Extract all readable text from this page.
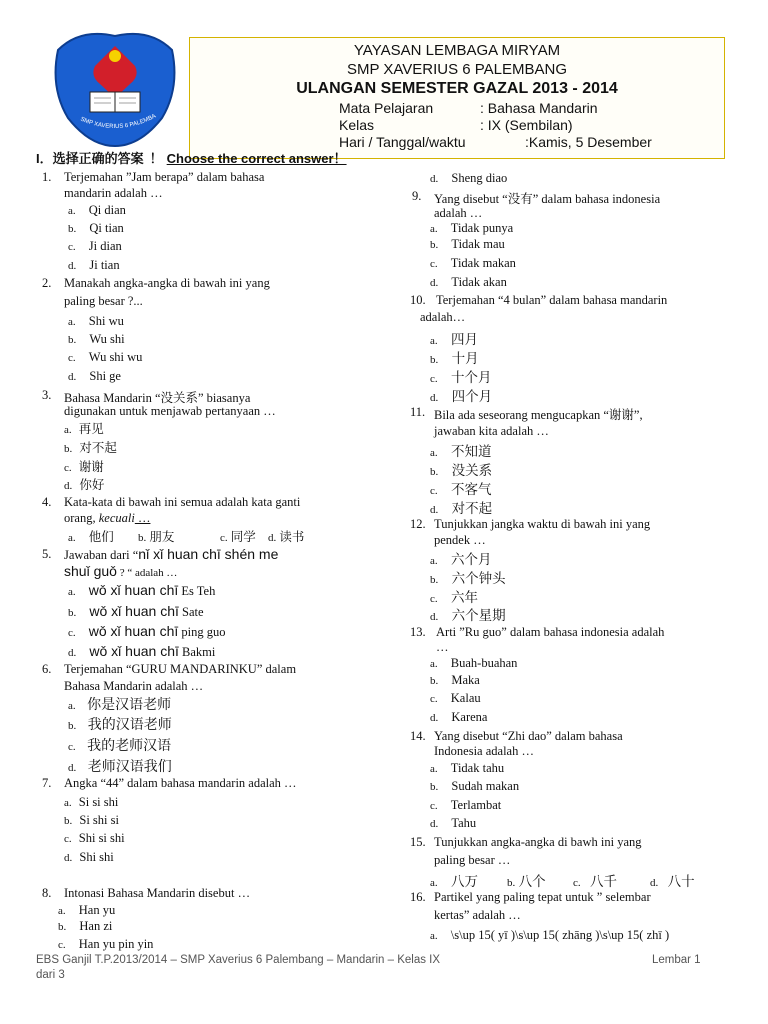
SMP XAVERIUS 6 PALEMBA
YAYASAN LEMBAGA MIRYAM
SMP XAVERIUS 6 PALEMBANG
ULANGAN SEMESTER GAZAL 2013 - 2014
Mata Pelajaran	: Bahasa Mandarin
Kelas	: IX (Sembilan)
Hari / Tanggal/waktu	:Kamis, 5 Desember
I．选择正确的答案 ！ Choose the correct answer！
1. Terjemahan ”Jam berapa” dalam bahasa
mandarin adalah …
a. Qi dian
b. Qi tian
c. Ji dian
d. Ji tian
2. Manakah angka-angka di bawah ini yang
paling besar ?...
a. Shi wu
b. Wu shi
c. Wu shi wu
d. Shi ge
3. Bahasa Mandarin “没关系” biasanya
digunakan untuk menjawab pertanyaan …
a. 再见
b. 对不起
c. 谢谢
d. 你好
4. Kata-kata di bawah ini semua adalah kata ganti
orang, kecuali …
a. 他们 b. 朋友	c. 同学 d. 读书
5. Jawaban dari “nǐ xǐ huan chī shén me
shuǐ guǒ ? “ adalah …
a. wǒ xǐ huan chī Es Teh
b. wǒ xǐ huan chī Sate
c. wǒ xǐ huan chī ping guo
d. wǒ xǐ huan chī Bakmi
6. Terjemahan “GURU MANDARINKU” dalam
Bahasa Mandarin adalah …
a. 你是汉语老师
b. 我的汉语老师
c. 我的老师汉语
d. 老师汉语我们
7. Angka “44” dalam bahasa mandarin adalah …
a. Si si shi
b. Si shi si
c. Shi si shi
d. Shi shi
8. Intonasi Bahasa Mandarin disebut …
a. Han yu
b. Han zi
c. Han yu pin yin
d. Sheng diao
9. Yang disebut “没有” dalam bahasa indonesia
adalah …
a. Tidak punya
b. Tidak mau
c. Tidak makan
d. Tidak akan
10. Terjemahan “4 bulan” dalam bahasa mandarin
adalah…
a. 四月
b. 十月
c. 十个月
d. 四个月
11. Bila ada seseorang mengucapkan “谢谢”,
jawaban kita adalah …
a. 不知道
b. 没关系
c. 不客气
d. 对不起
12. Tunjukkan jangka waktu di bawah ini yang
pendek …
a. 六个月
b. 六个钟头
c. 六年
d. 六个星期
13. Arti ”Ru guo” dalam bahasa indonesia adalah
…
a. Buah-buahan
b. Maka
c. Kalau
d. Karena
14. Yang disebut “Zhi dao” dalam bahasa
Indonesia adalah …
a. Tidak tahu
b. Sudah makan
c. Terlambat
d. Tahu
15. Tunjukkan angka-angka di bawh ini yang
paling besar …
a. 八万	b. 八个 c. 八千	d. 八十
16. Partikel yang paling tepat untuk ” selembar
kertas” adalah …
a. \s\up 15( yī )\s\up 15( zhāng )\s\up 15( zhī )
EBS Ganjil T.P.2013/2014 – SMP Xaverius 6 Palembang – Mandarin – Kelas IX	Lembar 1
dari 3
